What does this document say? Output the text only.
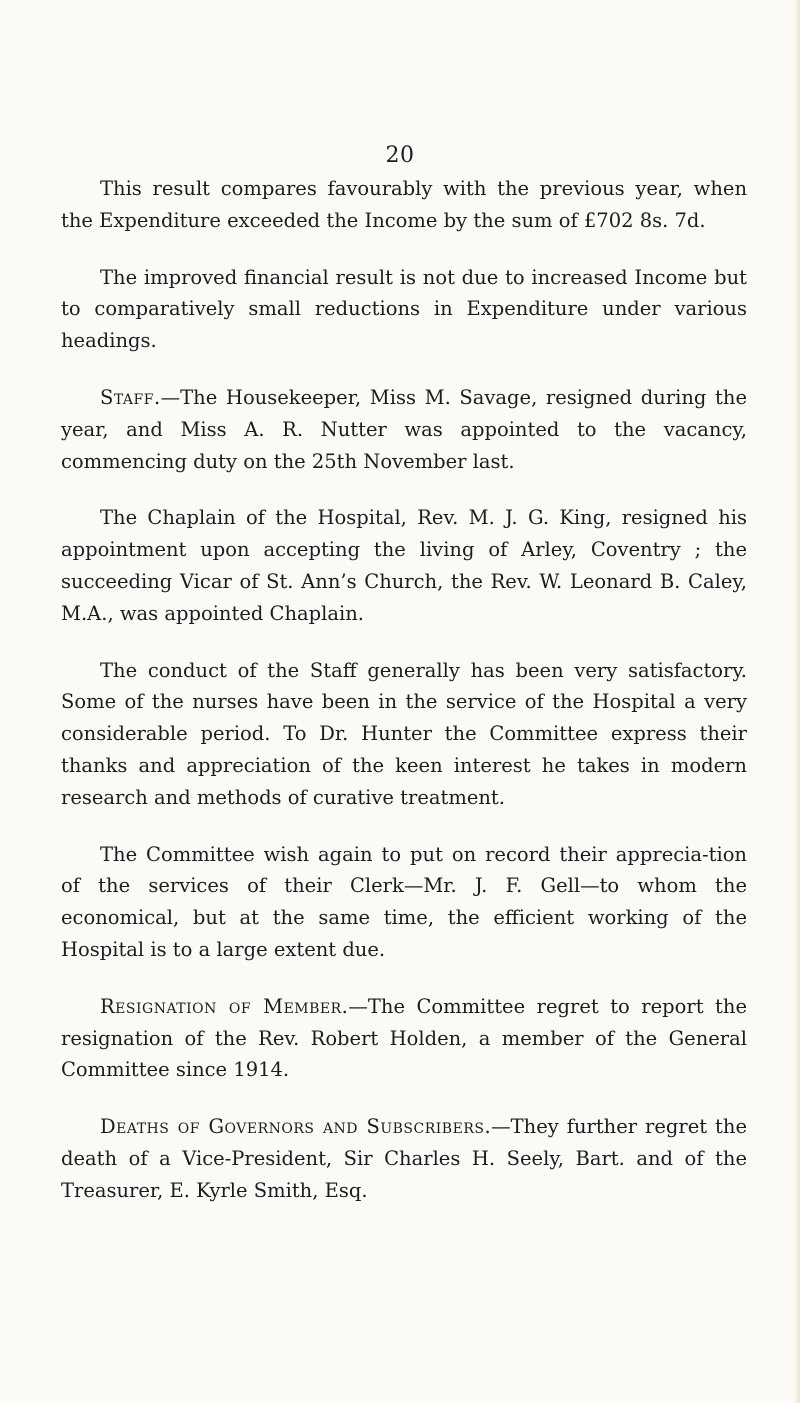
20

This result compares favourably with the previous year, when the Expenditure exceeded the Income by the sum of £702 8s. 7d.

The improved financial result is not due to increased Income but to comparatively small reductions in Expenditure under various headings.

Staff.—The Housekeeper, Miss M. Savage, resigned during the year, and Miss A. R. Nutter was appointed to the vacancy, commencing duty on the 25th November last.

The Chaplain of the Hospital, Rev. M. J. G. King, resigned his appointment upon accepting the living of Arley, Coventry ; the succeeding Vicar of St. Ann’s Church, the Rev. W. Leonard B. Caley, M.A., was appointed Chaplain.

The conduct of the Staff generally has been very satisfactory. Some of the nurses have been in the service of the Hospital a very considerable period. To Dr. Hunter the Committee express their thanks and appreciation of the keen interest he takes in modern research and methods of curative treatment.

The Committee wish again to put on record their apprecia-tion of the services of their Clerk—Mr. J. F. Gell—to whom the economical, but at the same time, the efficient working of the Hospital is to a large extent due.

Resignation of Member.—The Committee regret to report the resignation of the Rev. Robert Holden, a member of the General Committee since 1914.

Deaths of Governors and Subscribers.—They further regret the death of a Vice-President, Sir Charles H. Seely, Bart. and of the Treasurer, E. Kyrle Smith, Esq.
